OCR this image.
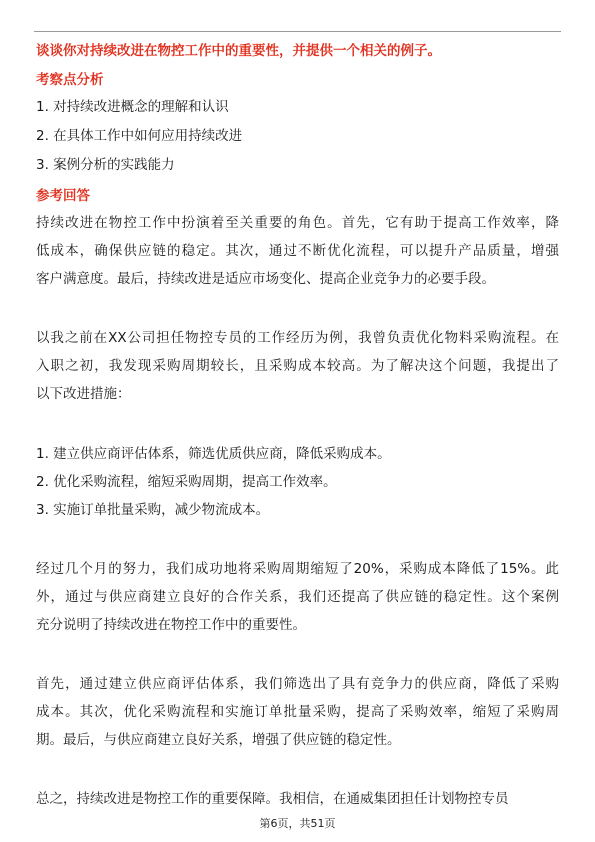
谈谈你对持续改进在物控工作中的重要性，并提供一个相关的例子。
考察点分析
1. 对持续改进概念的理解和认识
2. 在具体工作中如何应用持续改进
3. 案例分析的实践能力
参考回答
持续改进在物控工作中扮演着至关重要的角色。首先，它有助于提高工作效率，降
低成本，确保供应链的稳定。其次，通过不断优化流程，可以提升产品质量，增强
客户满意度。最后，持续改进是适应市场变化、提高企业竞争力的必要手段。
以我之前在XX公司担任物控专员的工作经历为例，我曾负责优化物料采购流程。在
入职之初，我发现采购周期较长，且采购成本较高。为了解决这个问题，我提出了
以下改进措施：
1. 建立供应商评估体系，筛选优质供应商，降低采购成本。
2. 优化采购流程，缩短采购周期，提高工作效率。
3. 实施订单批量采购，减少物流成本。
经过几个月的努力，我们成功地将采购周期缩短了20%，采购成本降低了15%。此
外，通过与供应商建立良好的合作关系，我们还提高了供应链的稳定性。这个案例
充分说明了持续改进在物控工作中的重要性。
首先，通过建立供应商评估体系，我们筛选出了具有竞争力的供应商，降低了采购
成本。其次，优化采购流程和实施订单批量采购，提高了采购效率，缩短了采购周
期。最后，与供应商建立良好关系，增强了供应链的稳定性。
总之，持续改进是物控工作的重要保障。我相信，在通威集团担任计划物控专员
第6页，共51页
